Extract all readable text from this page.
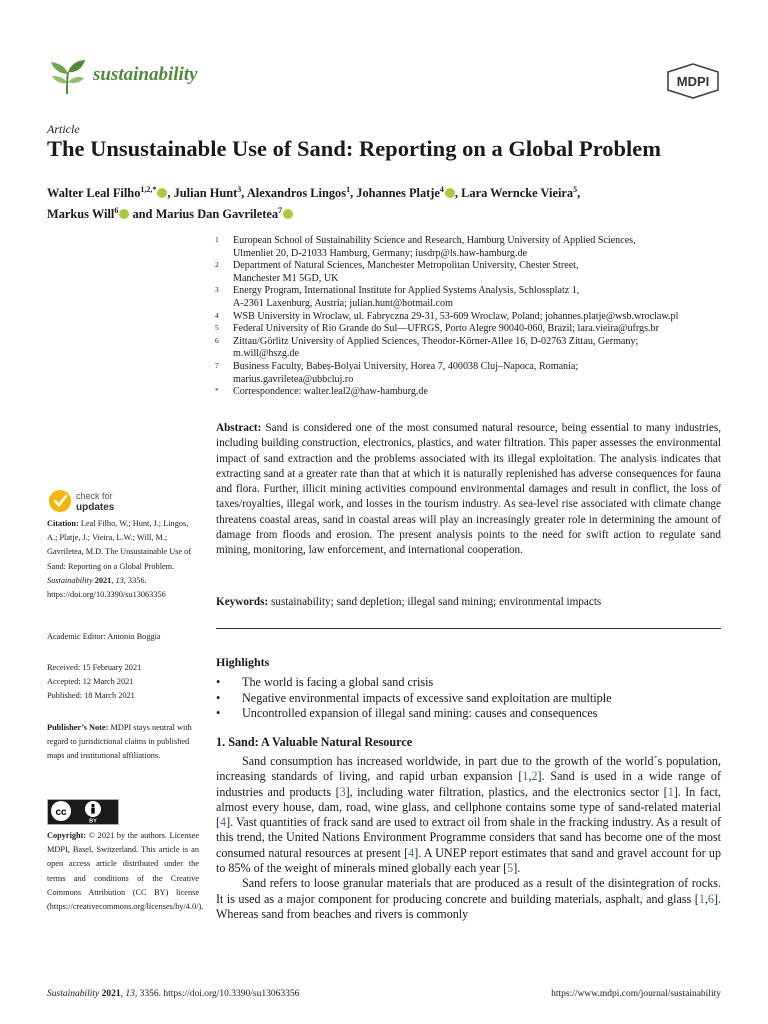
sustainability	MDPI
Article
The Unsustainable Use of Sand: Reporting on a Global Problem
Walter Leal Filho$^{1,2,*}$ , Julian Hunt$^3$, Alexandros Lingos$^1$, Johannes Platje$^4$ , Lara Werncke Vieira$^5$,
Markus Will$^6$ and Marius Dan Gavriletea$^7$
1 European School of Sustainability Science and Research, Hamburg University of Applied Sciences,
Ulmenliet 20, D-21033 Hamburg, Germany; iusdrp@ls.haw-hamburg.de
2 Department of Natural Sciences, Manchester Metropolitan University, Chester Street,
Manchester M1 5GD, UK
3 Energy Program, International Institute for Applied Systems Analysis, Schlossplatz 1,
A-2361 Laxenburg, Austria; julian.hunt@hotmail.com
4 WSB University in Wroclaw, ul. Fabryczna 29-31, 53-609 Wroclaw, Poland; johannes.platje@wsb.wroclaw.pl
5 Federal University of Rio Grande do Sul—UFRGS, Porto Alegre 90040-060, Brazil; lara.vieira@ufrgs.br
6 Zittau/Görlitz University of Applied Sciences, Theodor-Körner-Allee 16, D-02763 Zittau, Germany;
m.will@hszg.de
7 Business Faculty, Babeș-Bolyai University, Horea 7, 400038 Cluj–Napoca, Romania;
marius.gavriletea@ubbcluj.ro
* Correspondence: walter.leal2@haw-hamburg.de
Abstract: Sand is considered one of the most consumed natural resource, being essential to many industries, including building construction, electronics, plastics, and water filtration. This paper assesses the environmental impact of sand extraction and the problems associated with its illegal exploitation. The analysis indicates that extracting sand at a greater rate than that at which it is naturally replenished has adverse consequences for fauna and flora. Further, illicit mining activities compound environmental damages and result in conflict, the loss of taxes/royalties, illegal work, and losses in the tourism industry. As sea-level rise associated with climate change threatens coastal areas, sand in coastal areas will play an increasingly greater role in determining the amount of damage from floods and erosion. The present analysis points to the need for swift action to regulate sand mining, monitoring, law enforcement, and international cooperation.
Keywords: sustainability; sand depletion; illegal sand mining; environmental impacts
Highlights
• The world is facing a global sand crisis
• Negative environmental impacts of excessive sand exploitation are multiple
• Uncontrolled expansion of illegal sand mining: causes and consequences
1. Sand: A Valuable Natural Resource

Sand consumption has increased worldwide, in part due to the growth of the world´s population, increasing standards of living, and rapid urban expansion [1,2]. Sand is used in a wide range of industries and products [3], including water filtration, plastics, and the electronics sector [1]. In fact, almost every house, dam, road, wine glass, and cellphone contains some type of sand-related material [4]. Vast quantities of frack sand are used to extract oil from shale in the fracking industry. As a result of this trend, the United Nations Environment Programme considers that sand has become one of the most consumed natural resources at present [4]. A UNEP report estimates that sand and gravel account for up to 85% of the weight of minerals mined globally each year [5].

Sand refers to loose granular materials that are produced as a result of the disintegration of rocks. It is used as a major component for producing concrete and building materials, asphalt, and glass [1,6]. Whereas sand from beaches and rivers is commonly

check for
updates
Citation: Leal Filho, W.; Hunt, J.; Lingos, A.; Platje, J.; Vieira, L.W.; Will, M.; Gavriletea, M.D. The Unsustainable Use of Sand: Reporting on a Global Problem. Sustainability 2021, 13, 3356. https://doi.org/10.3390/su13063356
Academic Editor: Antonio Boggia
Received: 15 February 2021
Accepted: 12 March 2021
Published: 18 March 2021
Publisher’s Note: MDPI stays neutral with regard to jurisdictional claims in published maps and institutional affiliations.
cc
BY
Copyright: © 2021 by the authors. Licensee MDPI, Basel, Switzerland. This article is an open access article distributed under the terms and conditions of the Creative Commons Attribution (CC BY) license (https://creativecommons.org/licenses/by/4.0/).
Sustainability 2021, 13, 3356. https://doi.org/10.3390/su13063356	https://www.mdpi.com/journal/sustainability
